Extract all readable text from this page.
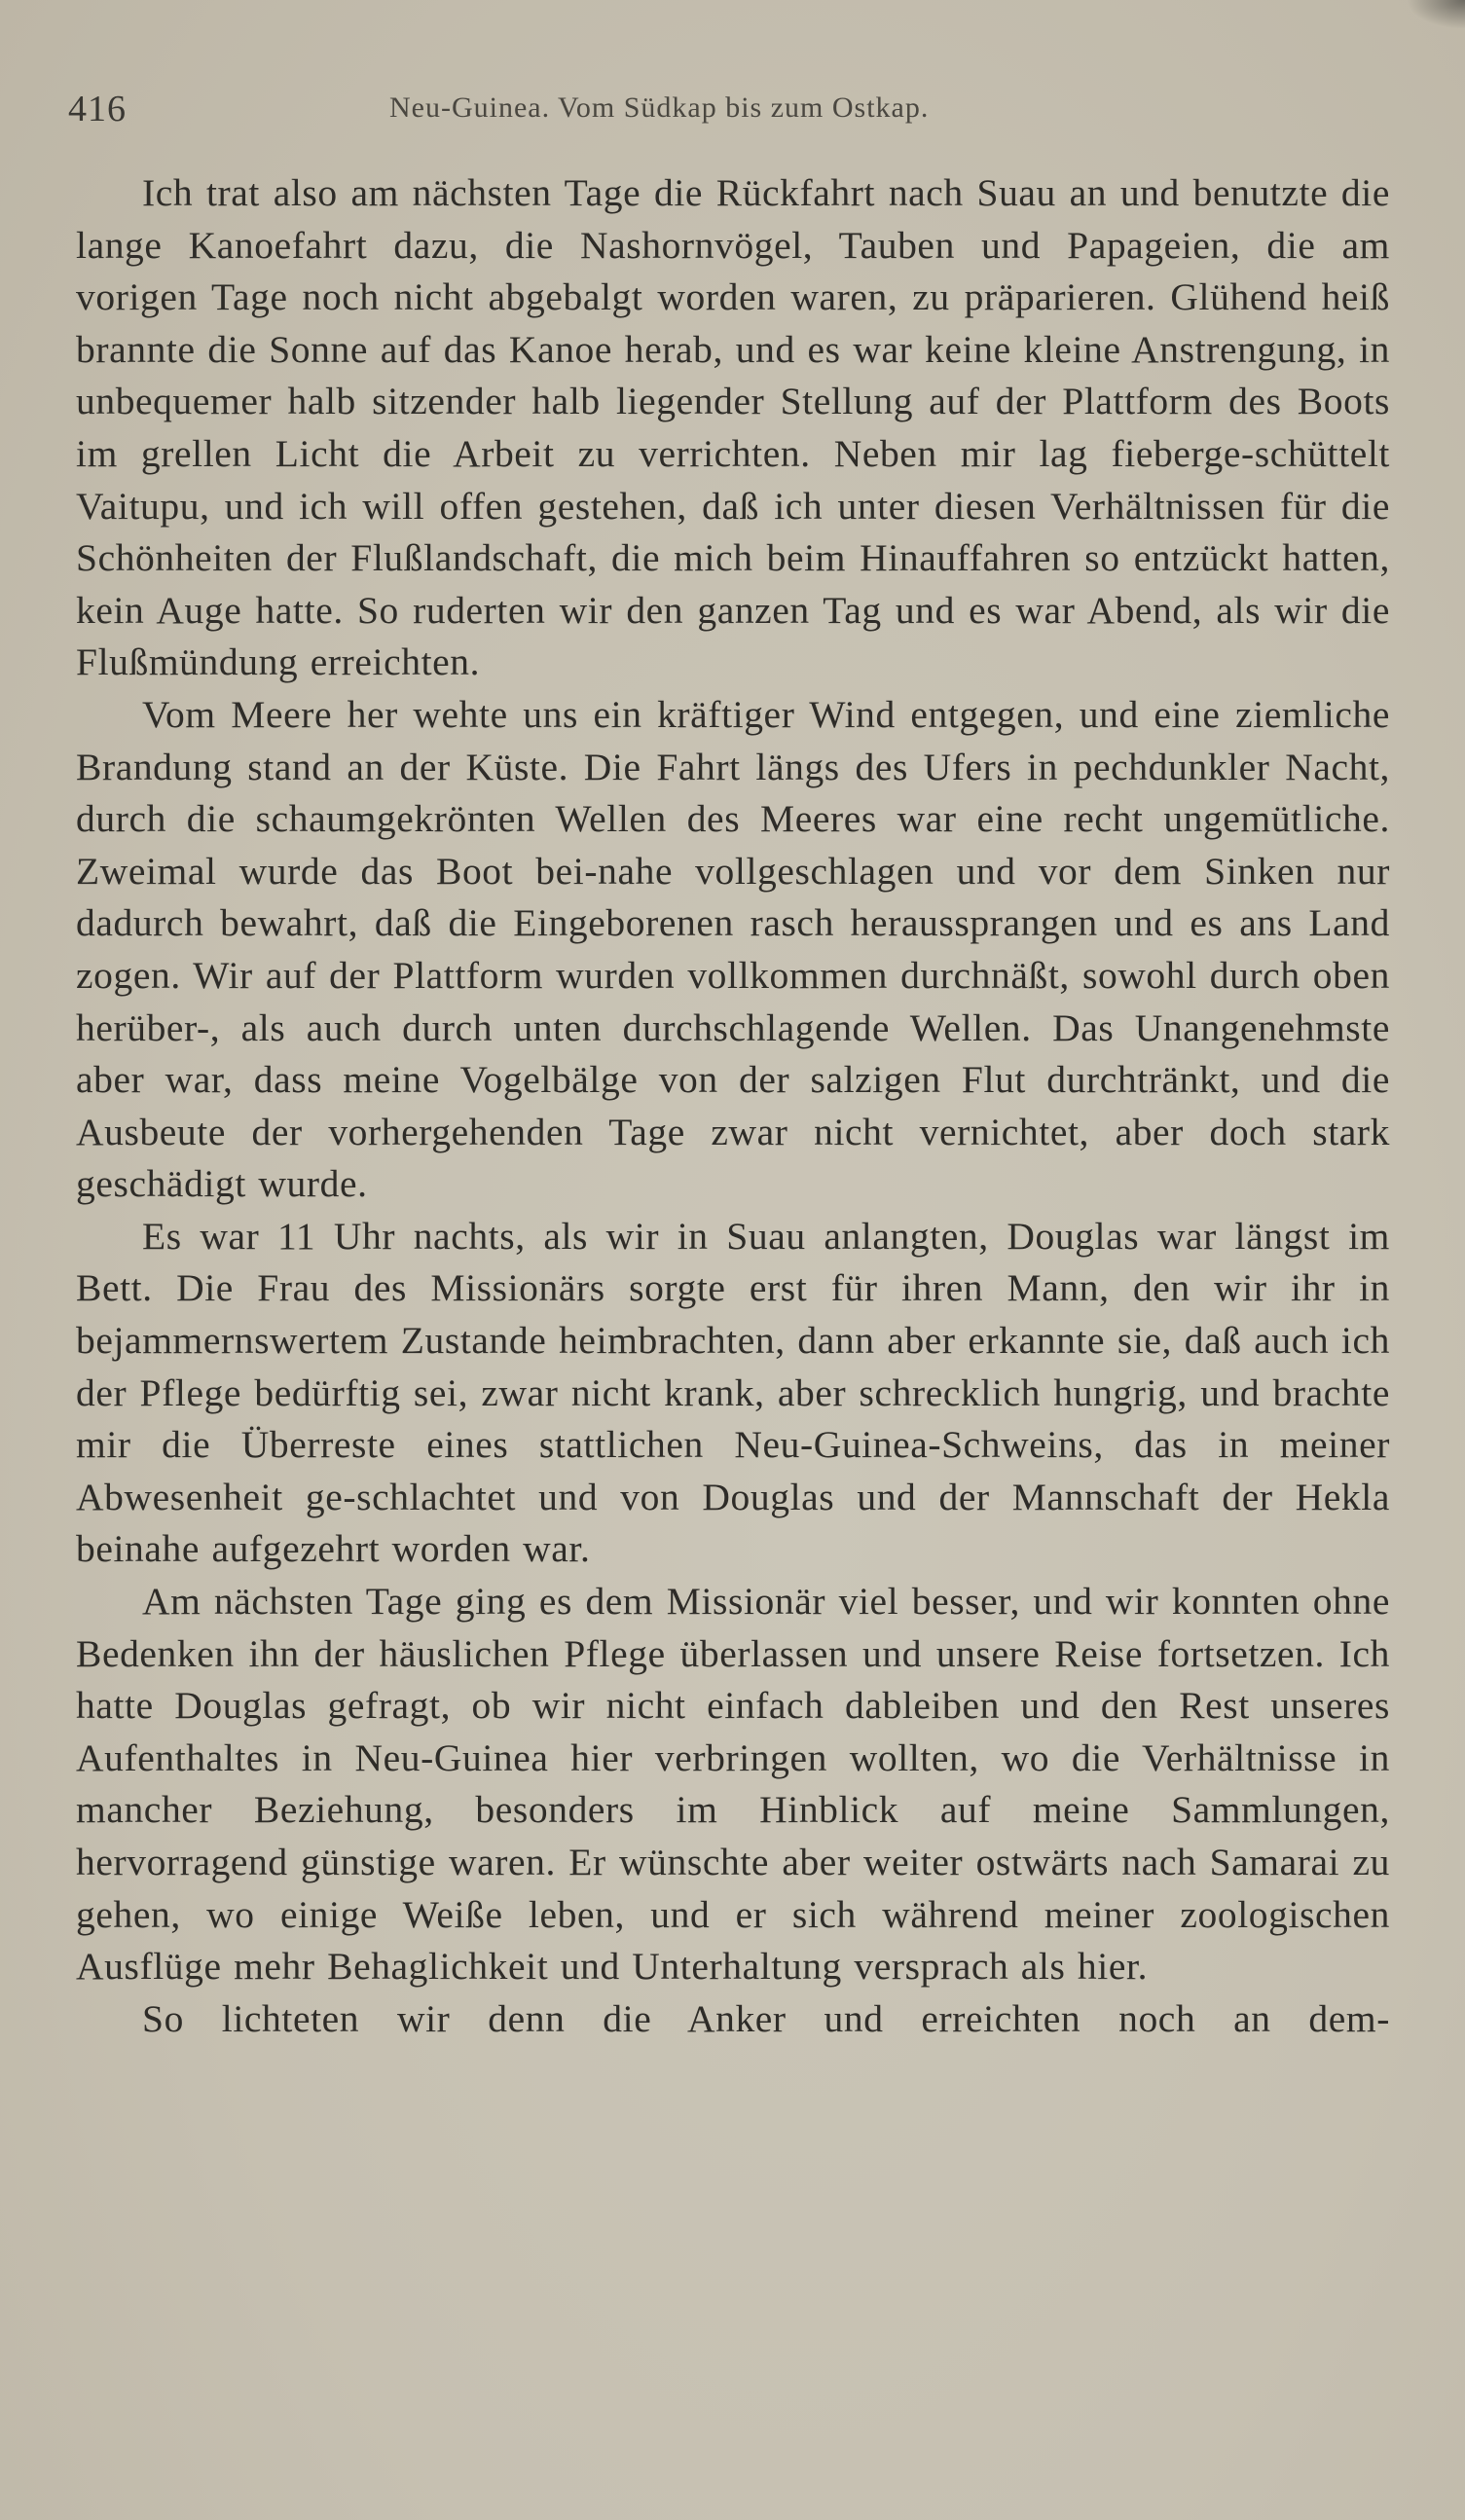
416	Neu-Guinea. Vom Südkap bis zum Ostkap.

Ich trat also am nächsten Tage die Rückfahrt nach Suau an und benutzte die lange Kanoefahrt dazu, die Nashornvögel, Tauben und Papageien, die am vorigen Tage noch nicht abgebalgt worden waren, zu präparieren. Glühend heiß brannte die Sonne auf das Kanoe herab, und es war keine kleine Anstrengung, in unbequemer halb sitzender halb liegender Stellung auf der Plattform des Boots im grellen Licht die Arbeit zu verrichten. Neben mir lag fieberge-schüttelt Vaitupu, und ich will offen gestehen, daß ich unter diesen Verhältnissen für die Schönheiten der Flußlandschaft, die mich beim Hinauffahren so entzückt hatten, kein Auge hatte. So ruderten wir den ganzen Tag und es war Abend, als wir die Flußmündung erreichten.

Vom Meere her wehte uns ein kräftiger Wind entgegen, und eine ziemliche Brandung stand an der Küste. Die Fahrt längs des Ufers in pechdunkler Nacht, durch die schaumgekrönten Wellen des Meeres war eine recht ungemütliche. Zweimal wurde das Boot bei-nahe vollgeschlagen und vor dem Sinken nur dadurch bewahrt, daß die Eingeborenen rasch heraussprangen und es ans Land zogen. Wir auf der Plattform wurden vollkommen durchnäßt, sowohl durch oben herüber-, als auch durch unten durchschlagende Wellen. Das Unangenehmste aber war, dass meine Vogelbälge von der salzigen Flut durchtränkt, und die Ausbeute der vorhergehenden Tage zwar nicht vernichtet, aber doch stark geschädigt wurde.

Es war 11 Uhr nachts, als wir in Suau anlangten, Douglas war längst im Bett. Die Frau des Missionärs sorgte erst für ihren Mann, den wir ihr in bejammernswertem Zustande heimbrachten, dann aber erkannte sie, daß auch ich der Pflege bedürftig sei, zwar nicht krank, aber schrecklich hungrig, und brachte mir die Überreste eines stattlichen Neu-Guinea-Schweins, das in meiner Abwesenheit ge-schlachtet und von Douglas und der Mannschaft der Hekla beinahe aufgezehrt worden war.

Am nächsten Tage ging es dem Missionär viel besser, und wir konnten ohne Bedenken ihn der häuslichen Pflege überlassen und unsere Reise fortsetzen. Ich hatte Douglas gefragt, ob wir nicht einfach dableiben und den Rest unseres Aufenthaltes in Neu-Guinea hier verbringen wollten, wo die Verhältnisse in mancher Beziehung, besonders im Hinblick auf meine Sammlungen, hervorragend günstige waren. Er wünschte aber weiter ostwärts nach Samarai zu gehen, wo einige Weiße leben, und er sich während meiner zoologischen Ausflüge mehr Behaglichkeit und Unterhaltung versprach als hier.

So lichteten wir denn die Anker und erreichten noch an dem-
